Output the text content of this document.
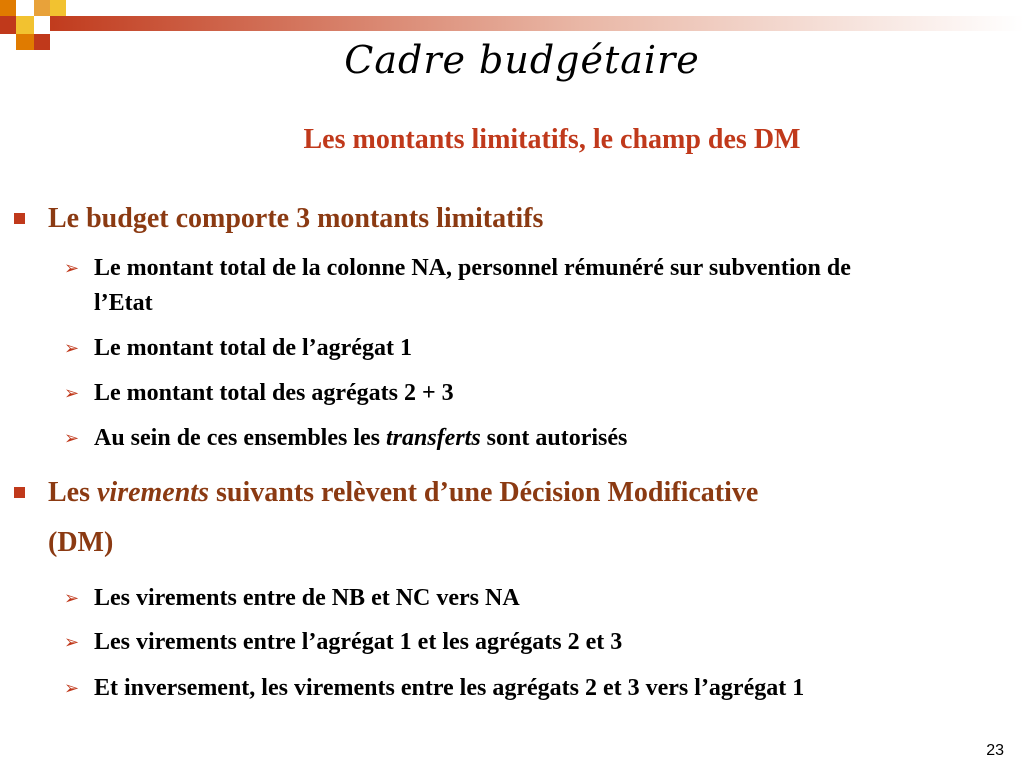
Cadre budgétaire
Les montants limitatifs, le champ des DM
Le budget comporte 3 montants limitatifs
➢ Le montant total de la colonne NA, personnel rémunéré sur subvention de l’Etat
➢ Le montant total de l’agrégat 1
➢ Le montant total des agrégats 2 + 3
➢ Au sein de ces ensembles les transferts sont autorisés
Les virements suivants relèvent d’une Décision Modificative
(DM)
➢ Les virements entre de NB et NC vers NA
➢ Les virements entre l’agrégat 1 et les agrégats 2 et 3
➢ Et inversement, les virements entre les agrégats 2 et 3 vers l’agrégat 1
23
